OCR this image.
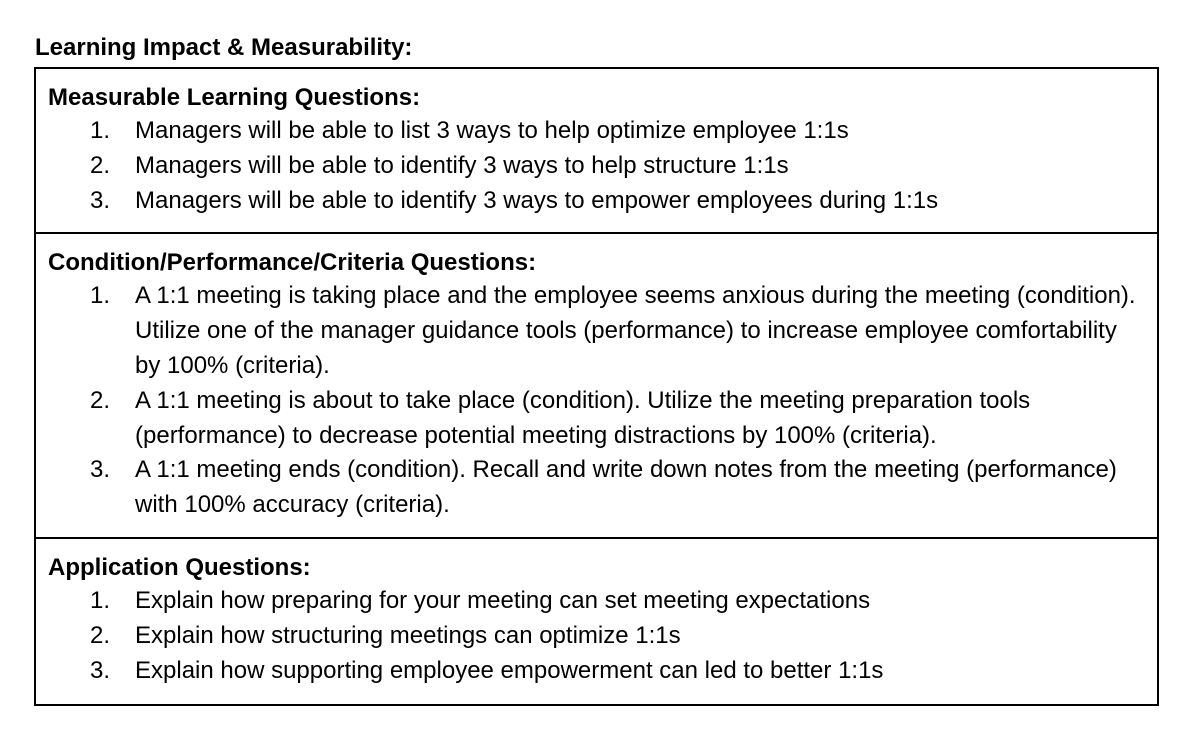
Learning Impact & Measurability:

Measurable Learning Questions:

1.	Managers will be able to list 3 ways to help optimize employee 1:1s
2.	Managers will be able to identify 3 ways to help structure 1:1s
3.	Managers will be able to identify 3 ways to empower employees during 1:1s

Condition/Performance/Criteria Questions:

1.	A 1:1 meeting is taking place and the employee seems anxious during the meeting (condition). Utilize one of the manager guidance tools (performance) to increase employee comfortability by 100% (criteria).
2.	A 1:1 meeting is about to take place (condition). Utilize the meeting preparation tools (performance) to decrease potential meeting distractions by 100% (criteria).
3.	A 1:1 meeting ends (condition). Recall and write down notes from the meeting (performance) with 100% accuracy (criteria).

Application Questions:

1.	Explain how preparing for your meeting can set meeting expectations
2.	Explain how structuring meetings can optimize 1:1s
3.	Explain how supporting employee empowerment can led to better 1:1s
